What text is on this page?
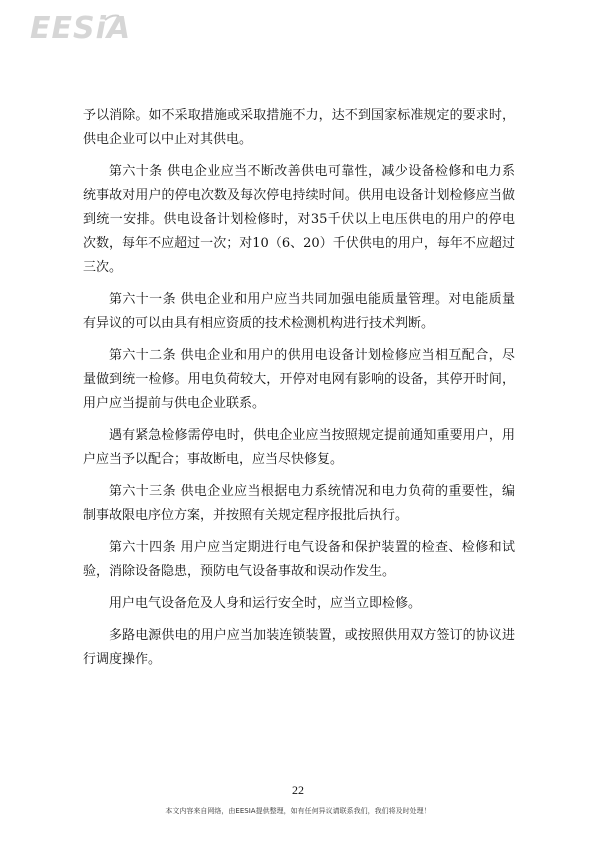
EESiA

予以消除。如不采取措施或采取措施不力，达不到国家标准规定的要求时，供电企业可以中止对其供电。

第六十条 供电企业应当不断改善供电可靠性，减少设备检修和电力系统事故对用户的停电次数及每次停电持续时间。供用电设备计划检修应当做到统一安排。供电设备计划检修时，对35千伏以上电压供电的用户的停电次数，每年不应超过一次；对10（6、20）千伏供电的用户，每年不应超过三次。

第六十一条 供电企业和用户应当共同加强电能质量管理。对电能质量有异议的可以由具有相应资质的技术检测机构进行技术判断。

第六十二条 供电企业和用户的供用电设备计划检修应当相互配合，尽量做到统一检修。用电负荷较大，开停对电网有影响的设备，其停开时间，用户应当提前与供电企业联系。

遇有紧急检修需停电时，供电企业应当按照规定提前通知重要用户，用户应当予以配合；事故断电，应当尽快修复。

第六十三条 供电企业应当根据电力系统情况和电力负荷的重要性，编制事故限电序位方案，并按照有关规定程序报批后执行。

第六十四条 用户应当定期进行电气设备和保护装置的检查、检修和试验，消除设备隐患，预防电气设备事故和误动作发生。

用户电气设备危及人身和运行安全时，应当立即检修。

多路电源供电的用户应当加装连锁装置，或按照供用双方签订的协议进行调度操作。

22
本文内容来自网络，由EESIA提供整理，如有任何异议请联系我们，我们将及时处理！
